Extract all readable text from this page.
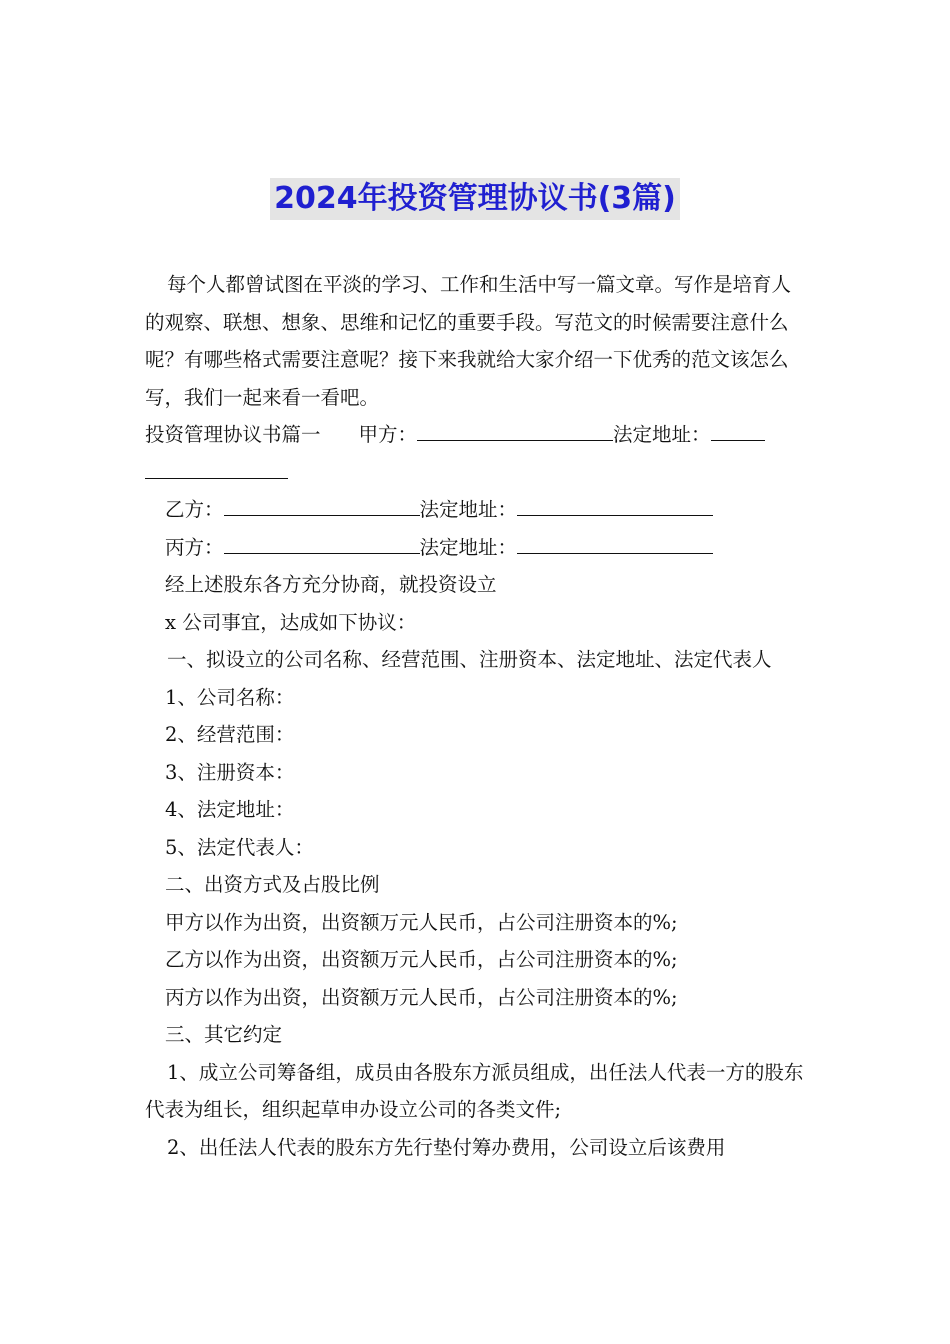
2024年投资管理协议书(3篇)

每个人都曾试图在平淡的学习、工作和生活中写一篇文章。写作是培育人的观察、联想、想象、思维和记忆的重要手段。写范文的时候需要注意什么呢？有哪些格式需要注意呢？接下来我就给大家介绍一下优秀的范文该怎么写，我们一起来看一看吧。

投资管理协议书篇一 甲方：	法定地址：

乙方：	法定地址：

丙方：	法定地址：

经上述股东各方充分协商，就投资设立

x 公司事宜，达成如下协议：

一、拟设立的公司名称、经营范围、注册资本、法定地址、法定代表人

1、公司名称：

2、经营范围：

3、注册资本：

4、法定地址：

5、法定代表人：

二、出资方式及占股比例

甲方以作为出资，出资额万元人民币，占公司注册资本的%;

乙方以作为出资，出资额万元人民币，占公司注册资本的%;

丙方以作为出资，出资额万元人民币，占公司注册资本的%;

三、其它约定

1、成立公司筹备组，成员由各股东方派员组成，出任法人代表一方的股东代表为组长，组织起草申办设立公司的各类文件;

2、出任法人代表的股东方先行垫付筹办费用，公司设立后该费用
